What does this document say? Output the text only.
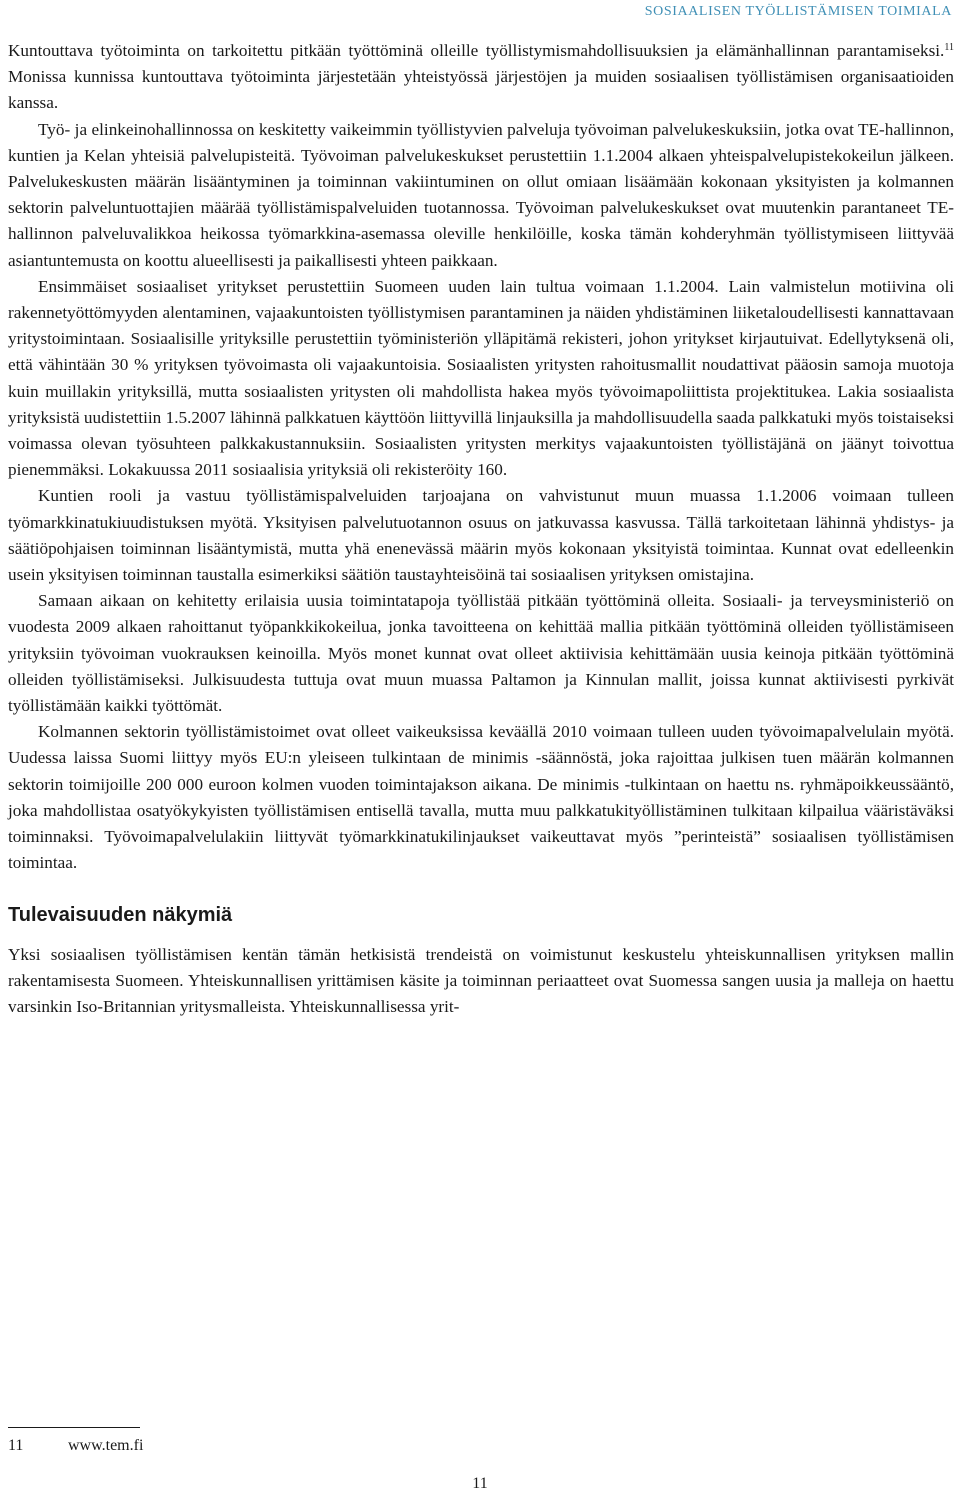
SOSIAALISEN TYÖLLISTÄMISEN TOIMIALA

Kuntouttava työtoiminta on tarkoitettu pitkään työttöminä olleille työllistymismahdollisuuksien ja elämänhallinnan parantamiseksi.$^{11}$ Monissa kunnissa kuntouttava työtoiminta järjestetään yhteistyössä järjestöjen ja muiden sosiaalisen työllistämisen organisaatioiden kanssa.

Työ- ja elinkeinohallinnossa on keskitetty vaikeimmin työllistyvien palveluja työvoiman palvelukeskuksiin, jotka ovat TE-hallinnon, kuntien ja Kelan yhteisiä palvelupisteitä. Työvoiman palvelukeskukset perustettiin 1.1.2004 alkaen yhteispalvelupistekokeilun jälkeen. Palvelukeskusten määrän lisääntyminen ja toiminnan vakiintuminen on ollut omiaan lisäämään kokonaan yksityisten ja kolmannen sektorin palveluntuottajien määrää työllistämispalveluiden tuotannossa. Työvoiman palvelukeskukset ovat muutenkin parantaneet TE-hallinnon palveluvalikkoa heikossa työmarkkina-asemassa oleville henkilöille, koska tämän kohderyhmän työllistymiseen liittyvää asiantuntemusta on koottu alueellisesti ja paikallisesti yhteen paikkaan.

Ensimmäiset sosiaaliset yritykset perustettiin Suomeen uuden lain tultua voimaan 1.1.2004. Lain valmistelun motiivina oli rakennetyöttömyyden alentaminen, vajaakuntoisten työllistymisen parantaminen ja näiden yhdistäminen liiketaloudellisesti kannattavaan yritystoimintaan. Sosiaalisille yrityksille perustettiin työministeriön ylläpitämä rekisteri, johon yritykset kirjautuivat. Edellytyksenä oli, että vähintään 30 % yrityksen työvoimasta oli vajaakuntoisia. Sosiaalisten yritysten rahoitusmallit noudattivat pääosin samoja muotoja kuin muillakin yrityksillä, mutta sosiaalisten yritysten oli mahdollista hakea myös työvoimapoliittista projektitukea. Lakia sosiaalista yrityksistä uudistettiin 1.5.2007 lähinnä palkkatuen käyttöön liittyvillä linjauksilla ja mahdollisuudella saada palkkatuki myös toistaiseksi voimassa olevan työsuhteen palkkakustannuksiin. Sosiaalisten yritysten merkitys vajaakuntoisten työllistäjänä on jäänyt toivottua pienemmäksi. Lokakuussa 2011 sosiaalisia yrityksiä oli rekisteröity 160.

Kuntien rooli ja vastuu työllistämispalveluiden tarjoajana on vahvistunut muun muassa 1.1.2006 voimaan tulleen työmarkkinatukiuudistuksen myötä. Yksityisen palvelutuotannon osuus on jatkuvassa kasvussa. Tällä tarkoitetaan lähinnä yhdistys- ja säätiöpohjaisen toiminnan lisääntymistä, mutta yhä enenevässä määrin myös kokonaan yksityistä toimintaa. Kunnat ovat edelleenkin usein yksityisen toiminnan taustalla esimerkiksi säätiön taustayhteisöinä tai sosiaalisen yrityksen omistajina.

Samaan aikaan on kehitetty erilaisia uusia toimintatapoja työllistää pitkään työttöminä olleita. Sosiaali- ja terveysministeriö on vuodesta 2009 alkaen rahoittanut työpankkikokeilua, jonka tavoitteena on kehittää mallia pitkään työttöminä olleiden työllistämiseen yrityksiin työvoiman vuokrauksen keinoilla. Myös monet kunnat ovat olleet aktiivisia kehittämään uusia keinoja pitkään työttöminä olleiden työllistämiseksi. Julkisuudesta tuttuja ovat muun muassa Paltamon ja Kinnulan mallit, joissa kunnat aktiivisesti pyrkivät työllistämään kaikki työttömät.

Kolmannen sektorin työllistämistoimet ovat olleet vaikeuksissa keväällä 2010 voimaan tulleen uuden työvoimapalvelulain myötä. Uudessa laissa Suomi liittyy myös EU:n yleiseen tulkintaan de minimis -säännöstä, joka rajoittaa julkisen tuen määrän kolmannen sektorin toimijoille 200 000 euroon kolmen vuoden toimintajakson aikana. De minimis -tulkintaan on haettu ns. ryhmäpoikkeussääntö, joka mahdollistaa osatyökykyisten työllistämisen entisellä tavalla, mutta muu palkkatukityöllistäminen tulkitaan kilpailua vääristäväksi toiminnaksi. Työvoimapalvelulakiin liittyvät työmarkkinatukilinjaukset vaikeuttavat myös ”perinteistä” sosiaalisen työllistämisen toimintaa.

Tulevaisuuden näkymiä

Yksi sosiaalisen työllistämisen kentän tämän hetkisistä trendeistä on voimistunut keskustelu yhteiskunnallisen yrityksen mallin rakentamisesta Suomeen. Yhteiskunnallisen yrittämisen käsite ja toiminnan periaatteet ovat Suomessa sangen uusia ja malleja on haettu varsinkin Iso-Britannian yritysmalleista. Yhteiskunnallisessa yrit-

11	www.tem.fi
11
